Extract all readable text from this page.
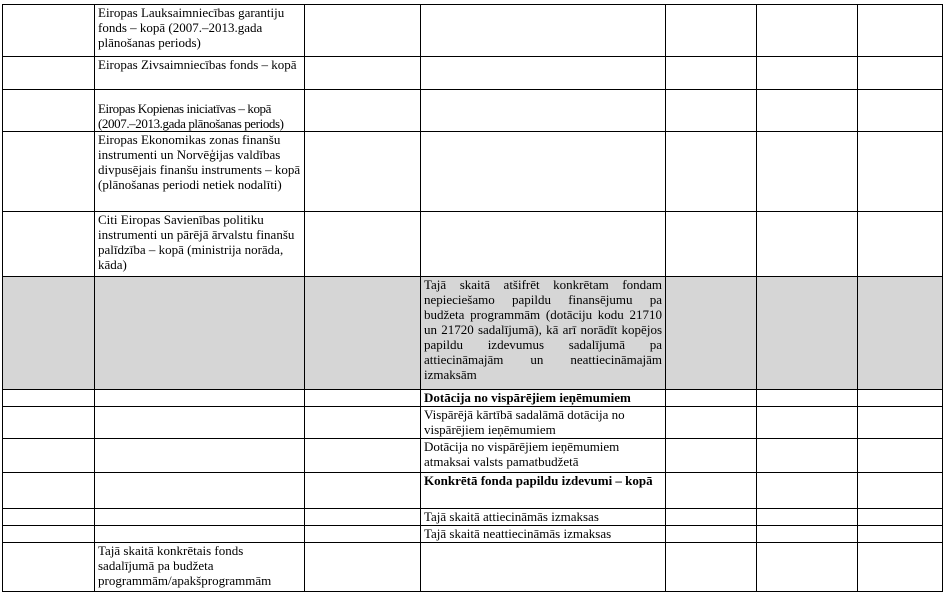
	Eiropas Lauksaimniecības garantiju fonds – kopā (2007.–2013.gada plānošanas periods)					
	Eiropas Zivsaimniecības fonds – kopā					
	Eiropas Kopienas iniciatīvas – kopā (2007.–2013.gada plānošanas periods)					
	Eiropas Ekonomikas zonas finanšu instrumenti un Norvēģijas valdības divpusējais finanšu instruments – kopā (plānošanas periodi netiek nodalīti)					
	Citi Eiropas Savienības politiku instrumenti un pārējā ārvalstu finanšu palīdzība – kopā (ministrija norāda, kāda)					
			Tajā skaitā atšifrēt konkrētam fondam nepieciešamo papildu finansējumu pa budžeta programmām (dotāciju kodu 21710 un 21720 sadalījumā), kā arī norādīt kopējos papildu izdevumus sadalījumā pa attiecināmajām un neattiecināmajām izmaksām			
			Dotācija no vispārējiem ieņēmumiem			
			Vispārējā kārtībā sadalāmā dotācija no vispārējiem ieņēmumiem			
			Dotācija no vispārējiem ieņēmumiem atmaksai valsts pamatbudžetā			
			Konkrētā fonda papildu izdevumi – kopā			
			Tajā skaitā attiecināmās izmaksas			
			Tajā skaitā neattiecināmās izmaksas			
	Tajā skaitā konkrētais fonds sadalījumā pa budžeta programmām/apakšprogrammām					
